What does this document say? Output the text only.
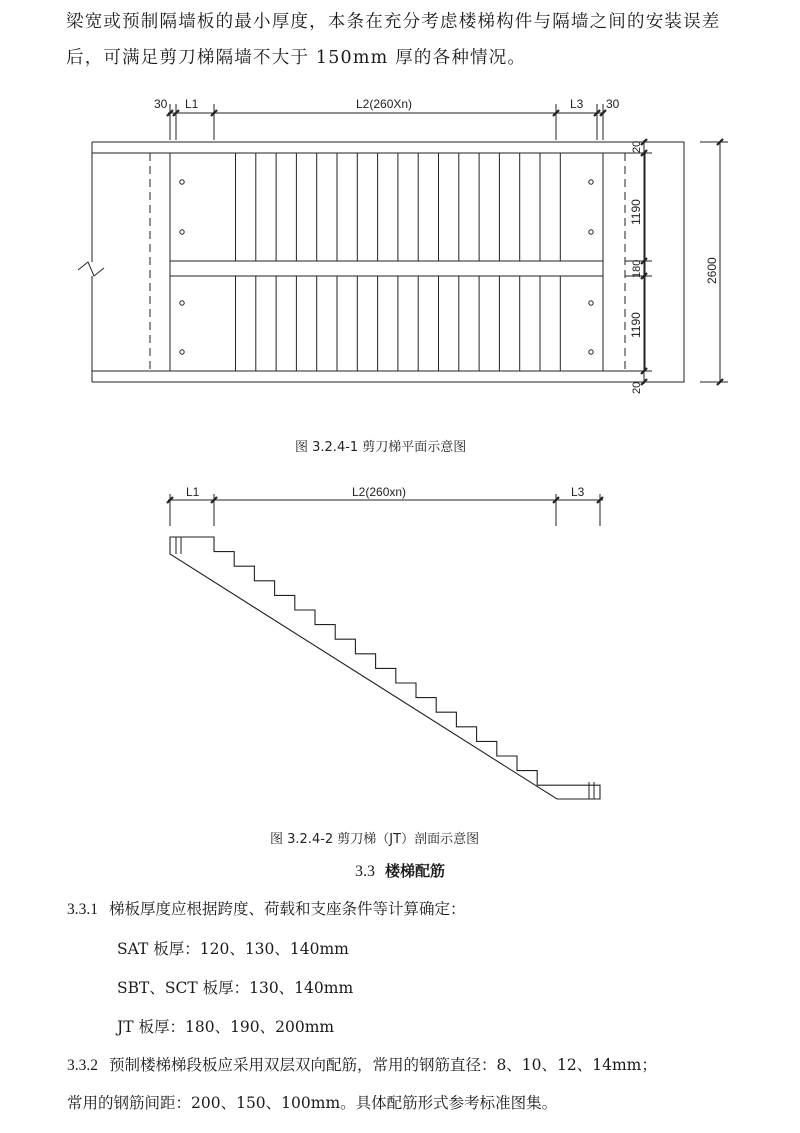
梁宽或预制隔墙板的最小厚度，本条在充分考虑楼梯构件与隔墙之间的安装误差

后，可满足剪刀梯隔墙不大于 150mm 厚的各种情况。

30 L1	L2(260Xn)	L3 30
20
1190
180
1190
20
2600
图 3.2.4-1 剪刀梯平面示意图
L1	L2(260xn)	L3
图 3.2.4-2 剪刀梯（JT）剖面示意图
3.3 楼梯配筋
3.3.1 梯板厚度应根据跨度、荷载和支座条件等计算确定：
SAT 板厚：120、130、140mm
SBT、SCT 板厚：130、140mm
JT 板厚：180、190、200mm
3.3.2 预制楼梯梯段板应采用双层双向配筋，常用的钢筋直径：8、10、12、14mm；
常用的钢筋间距：200、150、100mm。具体配筋形式参考标准图集。
